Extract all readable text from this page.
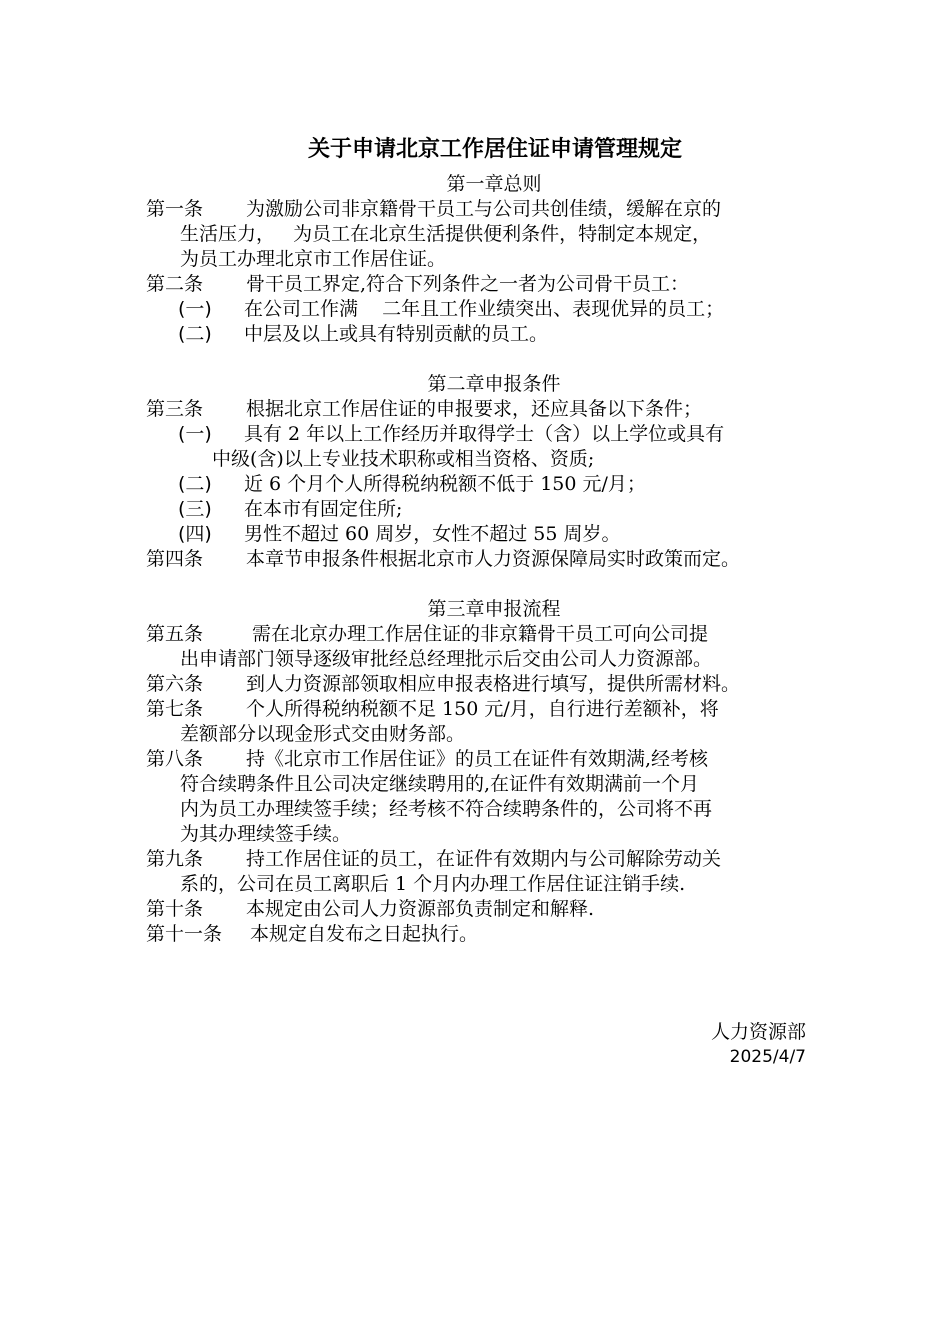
关于申请北京工作居住证申请管理规定
第一章总则
第一条 为激励公司非京籍骨干员工与公司共创佳绩，缓解在京的
生活压力，   为员工在北京生活提供便利条件，特制定本规定，
为员工办理北京市工作居住证。
第二条 骨干员工界定,符合下列条件之一者为公司骨干员工：
(一) 在公司工作满    二年且工作业绩突出、表现优异的员工；
(二) 中层及以上或具有特别贡献的员工。
第二章申报条件
第三条 根据北京工作居住证的申报要求，还应具备以下条件；
(一) 具有 2 年以上工作经历并取得学士（含）以上学位或具有
中级(含)以上专业技术职称或相当资格、资质;
(二) 近 6 个月个人所得税纳税额不低于 150 元/月；
(三) 在本市有固定住所;
(四) 男性不超过 60 周岁，女性不超过 55 周岁。
第四条 本章节申报条件根据北京市人力资源保障局实时政策而定。
第三章申报流程
第五条 需在北京办理工作居住证的非京籍骨干员工可向公司提
出申请部门领导逐级审批经总经理批示后交由公司人力资源部。
第六条 到人力资源部领取相应申报表格进行填写，提供所需材料。
第七条 个人所得税纳税额不足 150 元/月，自行进行差额补，将
差额部分以现金形式交由财务部。
第八条 持《北京市工作居住证》的员工在证件有效期满,经考核
符合续聘条件且公司决定继续聘用的,在证件有效期满前一个月
内为员工办理续签手续；经考核不符合续聘条件的，公司将不再
为其办理续签手续。
第九条 持工作居住证的员工，在证件有效期内与公司解除劳动关
系的，公司在员工离职后 1 个月内办理工作居住证注销手续.
第十条 本规定由公司人力资源部负责制定和解释.
第十一条 本规定自发布之日起执行。
人力资源部
2025/4/7
